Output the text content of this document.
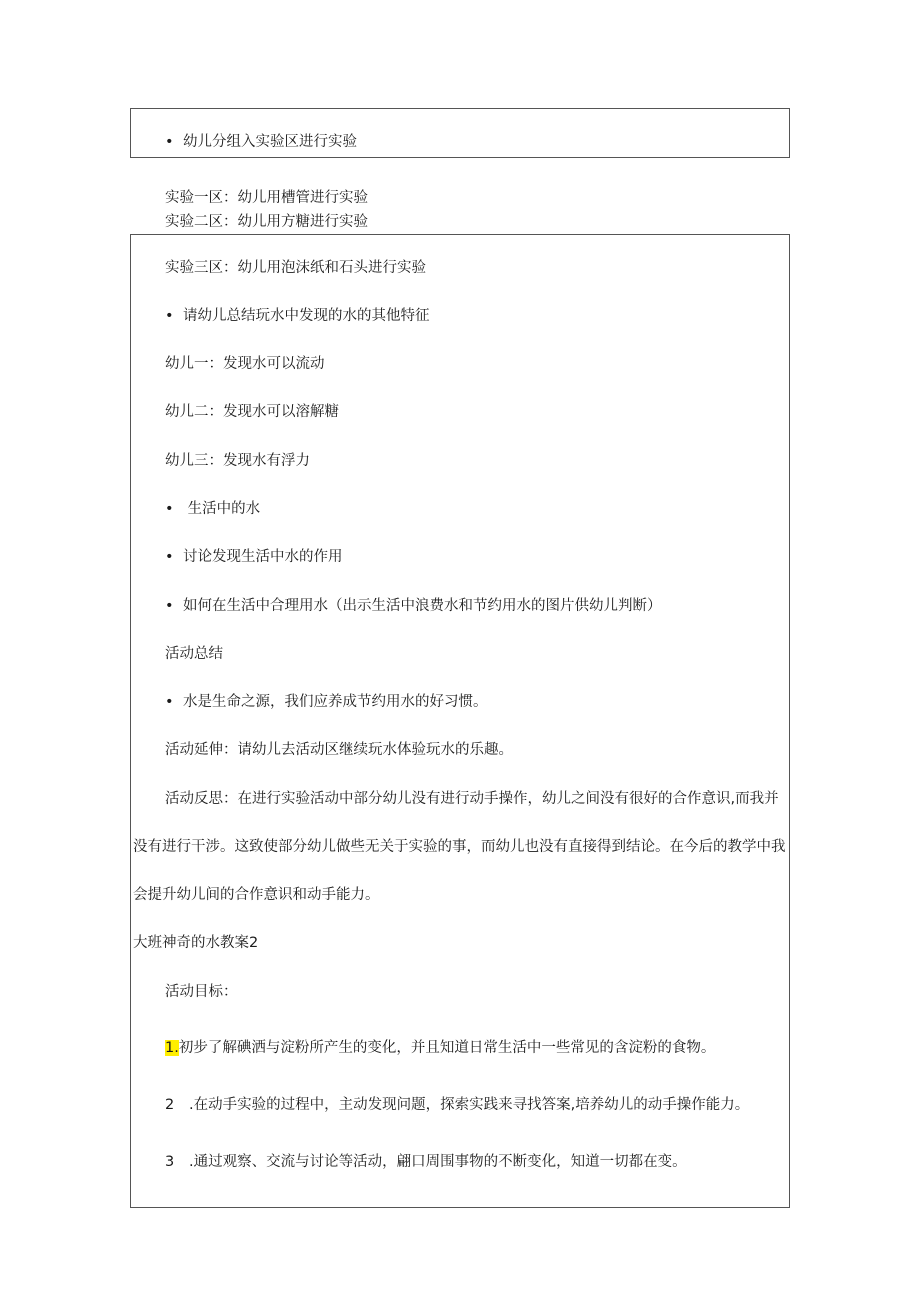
• 幼儿分组入实验区进行实验
实验一区：幼儿用槽管进行实验
实验二区：幼儿用方糖进行实验
实验三区：幼儿用泡沫纸和石头进行实验
• 请幼儿总结玩水中发现的水的其他特征
幼儿一：发现水可以流动
幼儿二：发现水可以溶解糖
幼儿三：发现水有浮力
• 生活中的水
• 讨论发现生活中水的作用
• 如何在生活中合理用水（出示生活中浪费水和节约用水的图片供幼儿判断）
活动总结
• 水是生命之源，我们应养成节约用水的好习惯。
活动延伸：请幼儿去活动区继续玩水体验玩水的乐趣。
活动反思：在进行实验活动中部分幼儿没有进行动手操作，幼儿之间没有很好的合作意识,而我并
没有进行干涉。这致使部分幼儿做些无关于实验的事，而幼儿也没有直接得到结论。在今后的教学中我
会提升幼儿间的合作意识和动手能力。
大班神奇的水教案2
活动目标：
1.初步了解碘洒与淀粉所产生的变化，并且知道日常生活中一些常见的含淀粉的食物。
2 .在动手实验的过程中，主动发现问题，探索实践来寻找答案,培养幼儿的动手操作能力。
3 .通过观察、交流与讨论等活动，翩口周围事物的不断变化，知道一切都在变。
